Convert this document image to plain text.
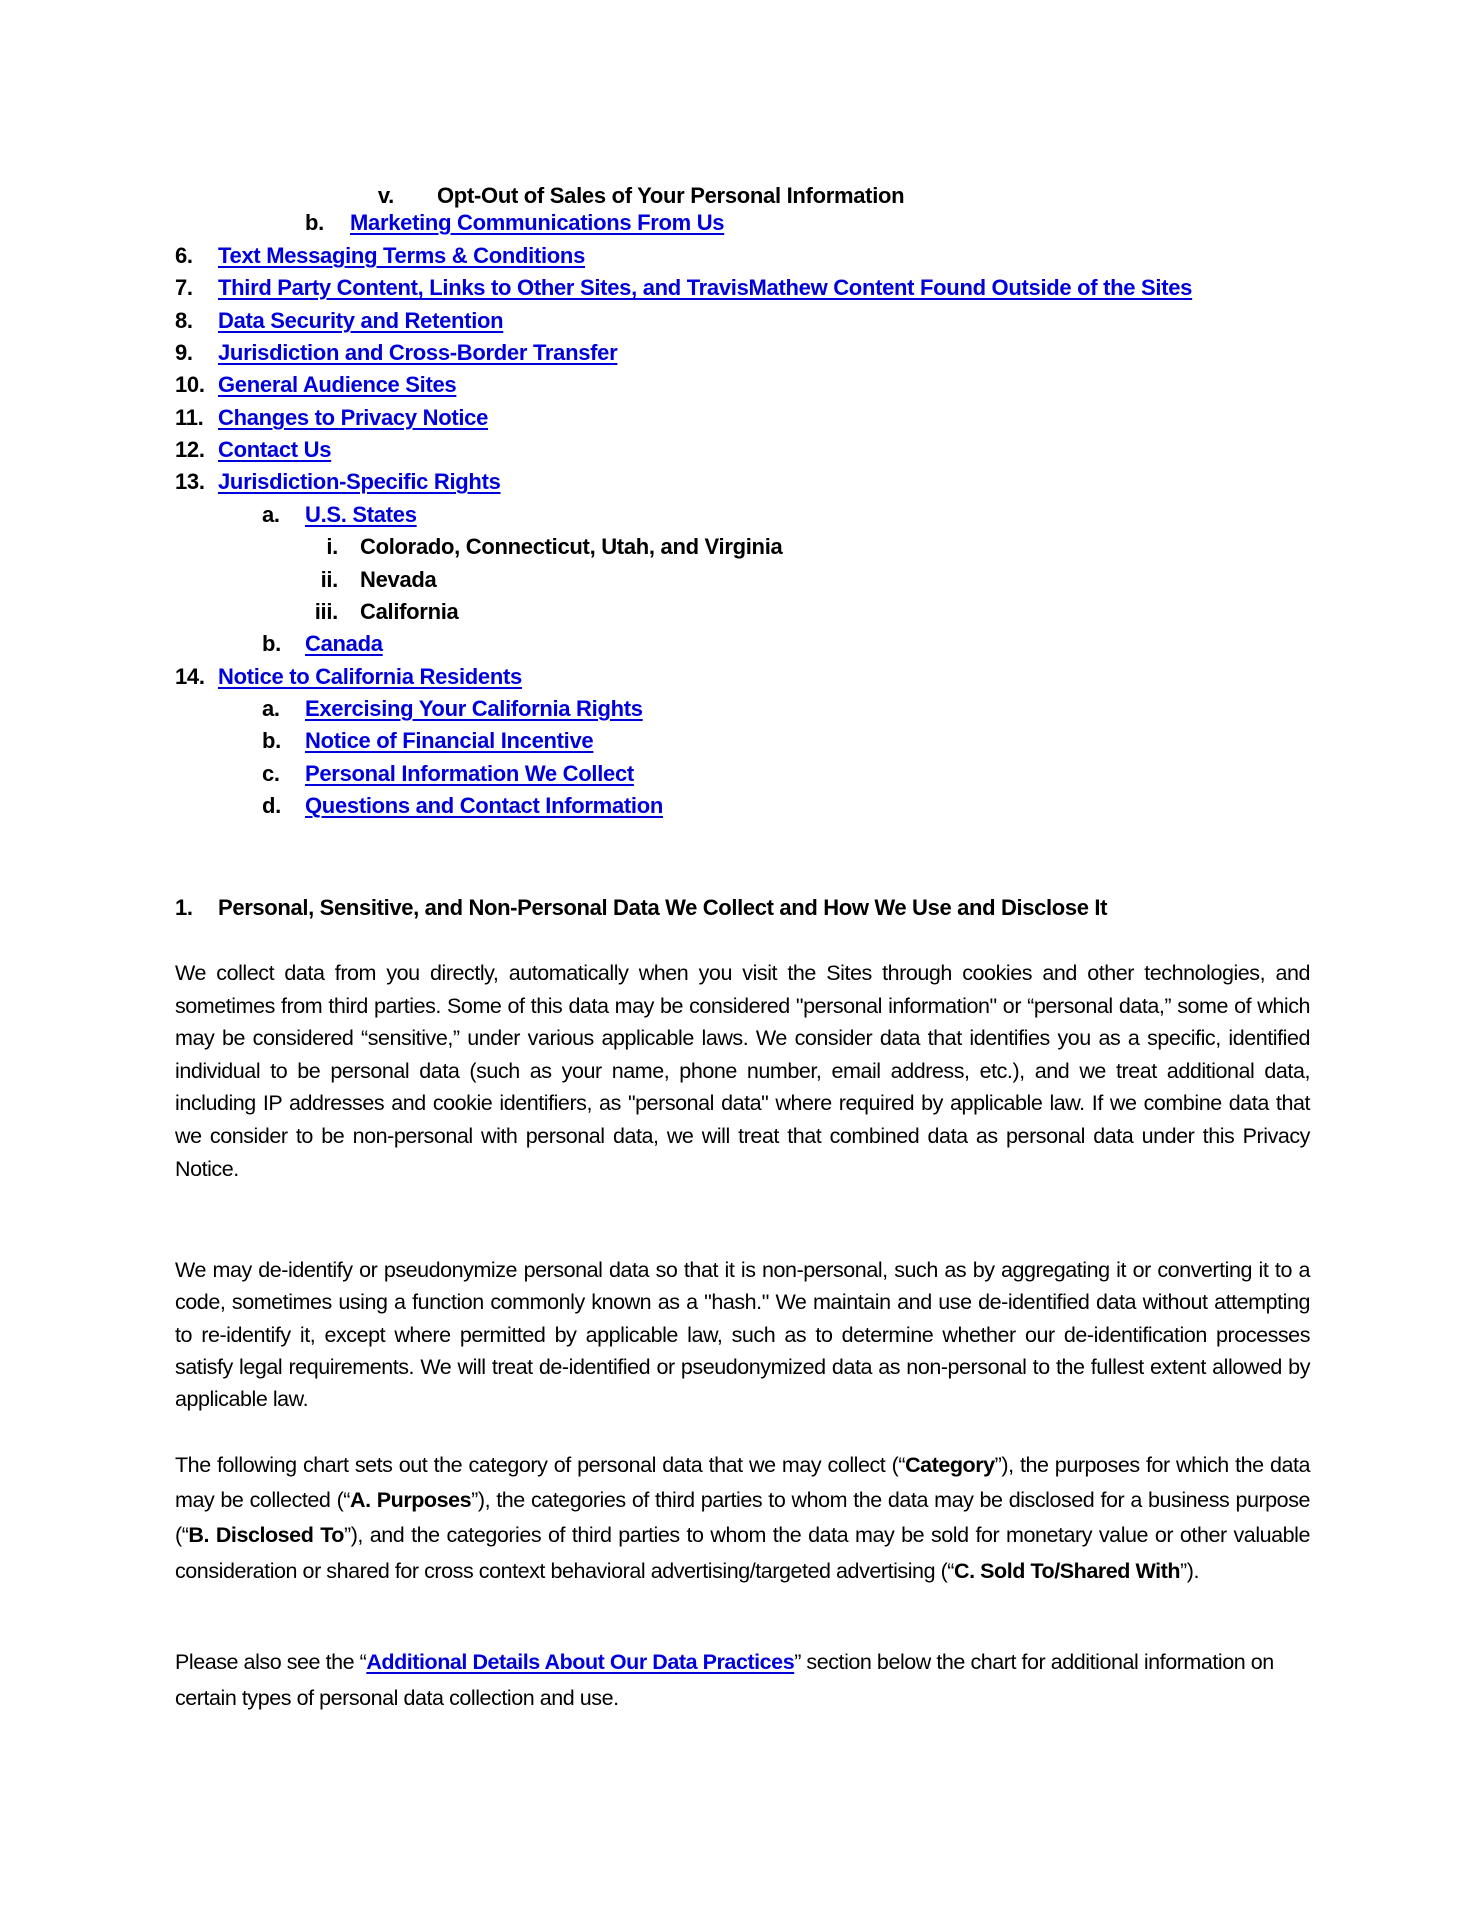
v. Opt-Out of Sales of Your Personal Information
b.	Marketing Communications From Us
6.	Text Messaging Terms & Conditions
7.	Third Party Content, Links to Other Sites, and TravisMathew Content Found Outside of the Sites
8.	Data Security and Retention
9.	Jurisdiction and Cross-Border Transfer
10. General Audience Sites
11. Changes to Privacy Notice
12. Contact Us
13. Jurisdiction-Specific Rights
a.	U.S. States
i. Colorado, Connecticut, Utah, and Virginia
ii. Nevada
iii. California
b.	Canada
14. Notice to California Residents
a.	Exercising Your California Rights
b.	Notice of Financial Incentive
c.	Personal Information We Collect
d.	Questions and Contact Information
1. Personal, Sensitive, and Non-Personal Data We Collect and How We Use and Disclose It

We collect data from you directly, automatically when you visit the Sites through cookies and other technologies, and sometimes from third parties. Some of this data may be considered "personal information" or “personal data,” some of which may be considered “sensitive,” under various applicable laws. We consider data that identifies you as a specific, identified individual to be personal data (such as your name, phone number, email address, etc.), and we treat additional data, including IP addresses and cookie identifiers, as "personal data" where required by applicable law. If we combine data that we consider to be non-personal with personal data, we will treat that combined data as personal data under this Privacy Notice.

We may de-identify or pseudonymize personal data so that it is non-personal, such as by aggregating it or converting it to a code, sometimes using a function commonly known as a "hash." We maintain and use de-identified data without attempting to re-identify it, except where permitted by applicable law, such as to determine whether our de-identification processes satisfy legal requirements. We will treat de-identified or pseudonymized data as non-personal to the fullest extent allowed by applicable law.

The following chart sets out the category of personal data that we may collect (“Category”), the purposes for which the data may be collected (“A. Purposes”), the categories of third parties to whom the data may be disclosed for a business purpose (“B. Disclosed To”), and the categories of third parties to whom the data may be sold for monetary value or other valuable consideration or shared for cross context behavioral advertising/targeted advertising (“C. Sold To/Shared With”).

Please also see the “Additional Details About Our Data Practices” section below the chart for additional information on certain types of personal data collection and use.
